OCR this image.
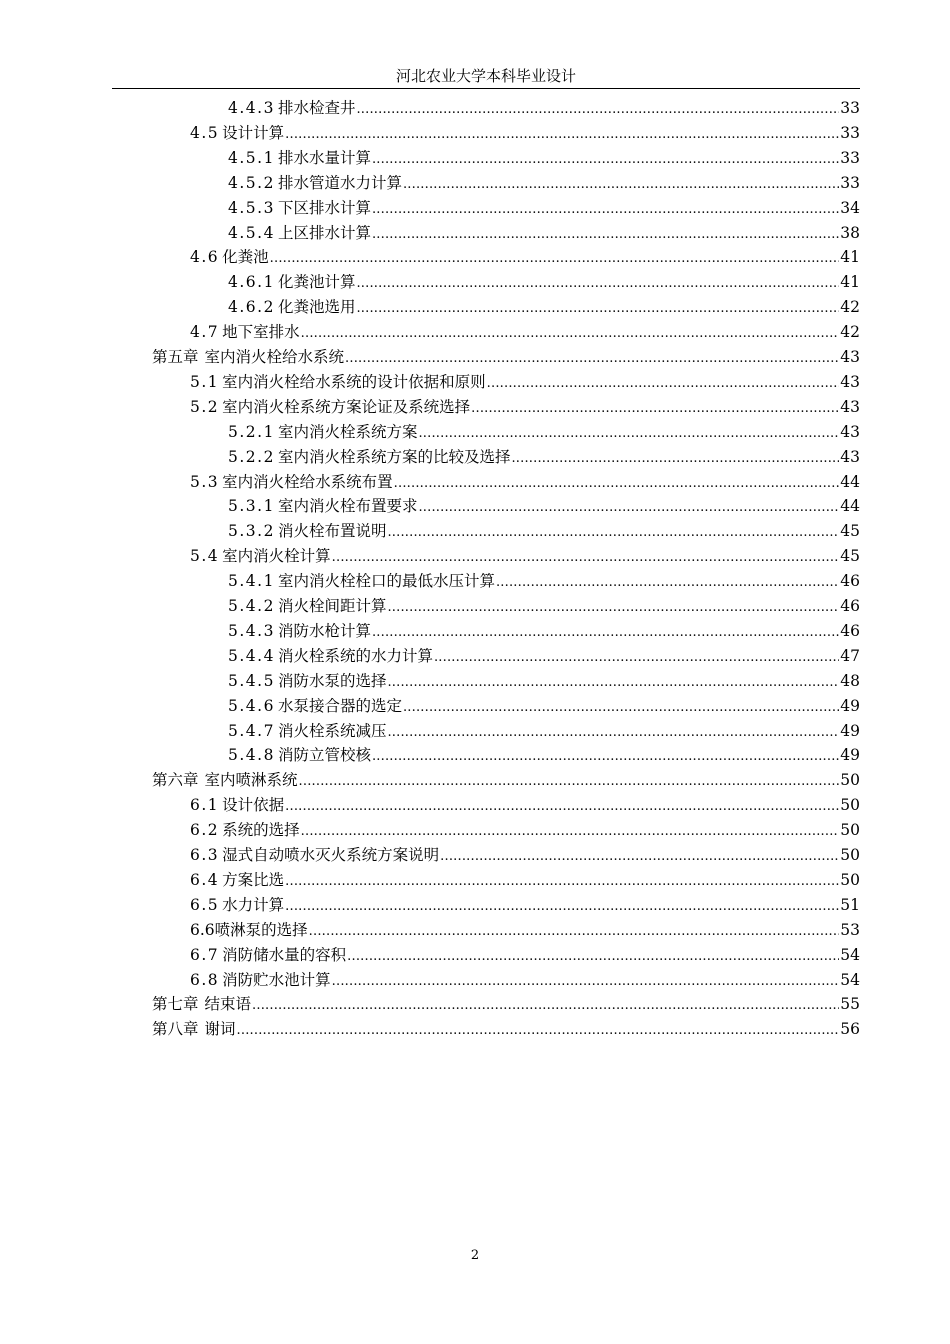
河北农业大学本科毕业设计
4.4.3 排水检查井 .....	33
4.5 设计计算 .....	33
4.5.1 排水水量计算 .....	33
4.5.2 排水管道水力计算 .....	33
4.5.3 下区排水计算 .....	34
4.5.4 上区排水计算 .....	38
4.6 化粪池 .....	41
4.6.1 化粪池计算 .....	41
4.6.2 化粪池选用 .....	42
4.7 地下室排水 .....	42
第五章 室内消火栓给水系统 .....	43
5.1 室内消火栓给水系统的设计依据和原则 .....	43
5.2 室内消火栓系统方案论证及系统选择 .....	43
5.2.1 室内消火栓系统方案 .....	43
5.2.2 室内消火栓系统方案的比较及选择 .....	43
5.3 室内消火栓给水系统布置 .....	44
5.3.1 室内消火栓布置要求 .....	44
5.3.2 消火栓布置说明 .....	45
5.4 室内消火栓计算 .....	45
5.4.1 室内消火栓栓口的最低水压计算 .....	46
5.4.2 消火栓间距计算 .....	46
5.4.3 消防水枪计算 .....	46
5.4.4 消火栓系统的水力计算 .....	47
5.4.5 消防水泵的选择 .....	48
5.4.6 水泵接合器的选定 .....	49
5.4.7 消火栓系统减压 .....	49
5.4.8 消防立管校核 .....	49
第六章 室内喷淋系统 .....	50
6.1 设计依据 .....	50
6.2 系统的选择 .....	50
6.3 湿式自动喷水灭火系统方案说明 .....	50
6.4 方案比选 .....	50
6.5 水力计算 .....	51
6.6 喷淋泵的选择 .....	53
6.7 消防储水量的容积 .....	54
6.8 消防贮水池计算 .....	54
第七章 结束语 .....	55
第八章 谢词 .....	56
2
